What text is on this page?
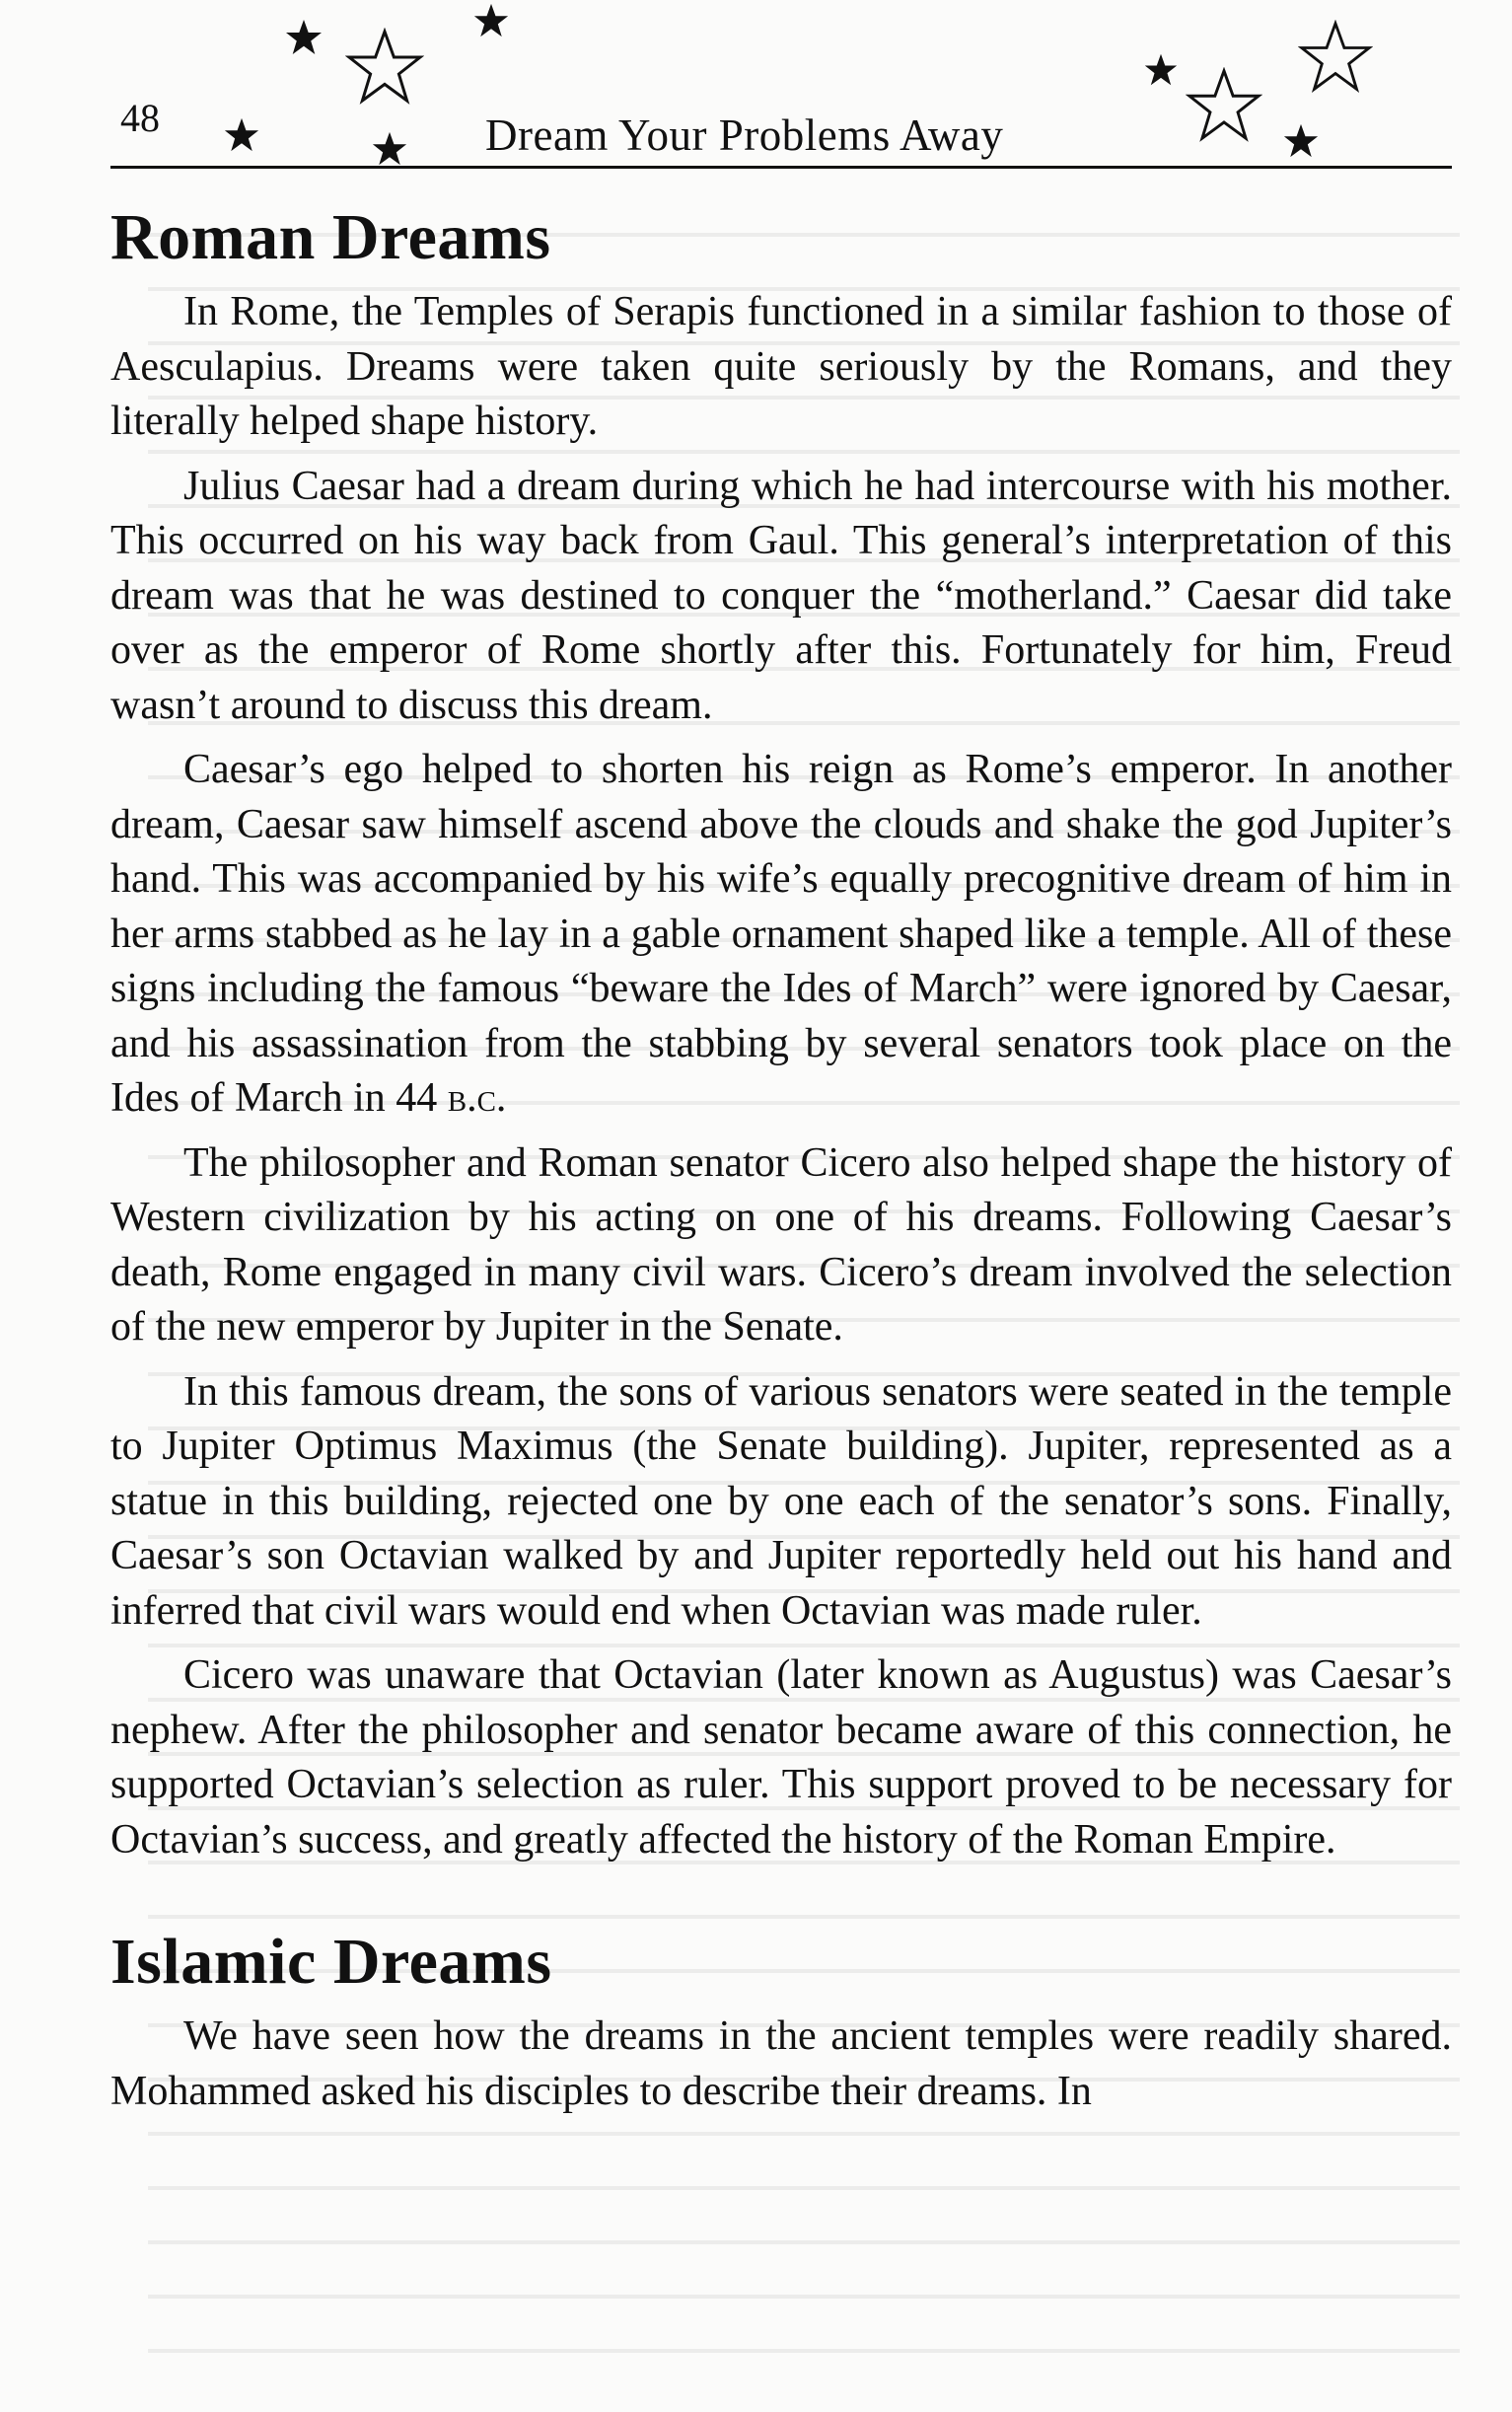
48	Dream Your Problems Away
Roman Dreams

In Rome, the Temples of Serapis functioned in a similar fashion to those of Aesculapius. Dreams were taken quite seriously by the Romans, and they literally helped shape history.

Julius Caesar had a dream during which he had intercourse with his mother. This occurred on his way back from Gaul. This general’s interpretation of this dream was that he was destined to conquer the “motherland.” Caesar did take over as the emperor of Rome shortly after this. Fortunately for him, Freud wasn’t around to discuss this dream.

Caesar’s ego helped to shorten his reign as Rome’s emperor. In another dream, Caesar saw himself ascend above the clouds and shake the god Jupiter’s hand. This was accompanied by his wife’s equally precognitive dream of him in her arms stabbed as he lay in a gable ornament shaped like a temple. All of these signs including the famous “beware the Ides of March” were ignored by Caesar, and his assassination from the stabbing by several senators took place on the Ides of March in 44 b.c.

The philosopher and Roman senator Cicero also helped shape the history of Western civilization by his acting on one of his dreams. Following Caesar’s death, Rome engaged in many civil wars. Cicero’s dream involved the selection of the new emperor by Jupiter in the Senate.

In this famous dream, the sons of various senators were seated in the temple to Jupiter Optimus Maximus (the Senate building). Jupiter, represented as a statue in this building, rejected one by one each of the senator’s sons. Finally, Caesar’s son Octavian walked by and Jupiter reportedly held out his hand and inferred that civil wars would end when Octavian was made ruler.

Cicero was unaware that Octavian (later known as Augustus) was Caesar’s nephew. After the philosopher and senator became aware of this connection, he supported Octavian’s selection as ruler. This support proved to be necessary for Octavian’s success, and greatly affected the history of the Roman Empire.

Islamic Dreams

We have seen how the dreams in the ancient temples were readily shared. Mohammed asked his disciples to describe their dreams. In
